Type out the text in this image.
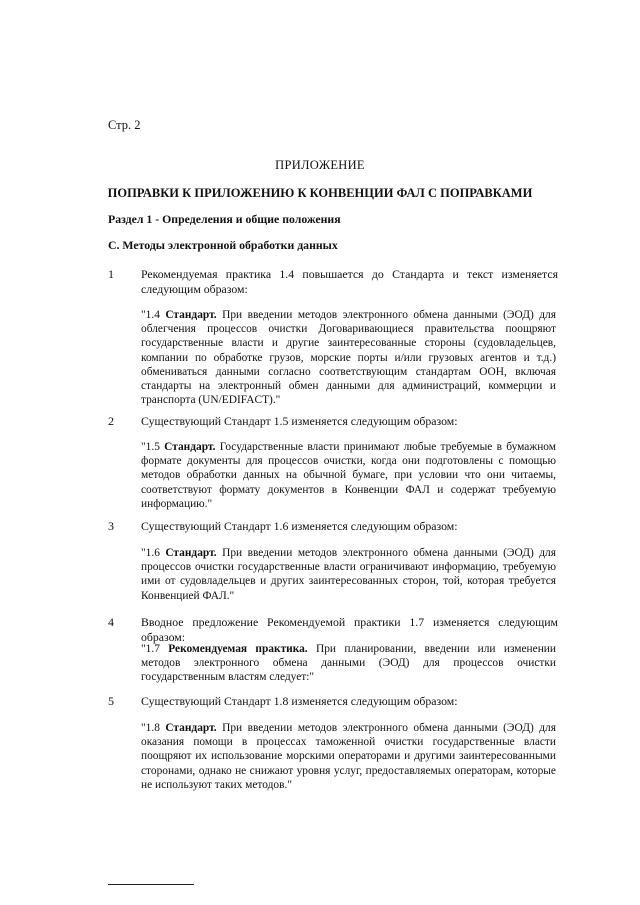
Стр. 2
ПРИЛОЖЕНИЕ
ПОПРАВКИ К ПРИЛОЖЕНИЮ К КОНВЕНЦИИ ФАЛ С ПОПРАВКАМИ
Раздел 1 - Определения и общие положения
С. Методы электронной обработки данных
1 Рекомендуемая практика 1.4 повышается до Стандарта и текст изменяется следующим образом:
"1.4 Стандарт. При введении методов электронного обмена данными (ЭОД) для облегчения процессов очистки Договаривающиеся правительства поощряют государственные власти и другие заинтересованные стороны (судовладельцев, компании по обработке грузов, морские порты и/или грузовых агентов и т.д.) обмениваться данными согласно соответствующим стандартам ООН, включая стандарты на электронный обмен данными для администраций, коммерции и транспорта (UN/EDIFACT)."
2 Существующий Стандарт 1.5 изменяется следующим образом:
"1.5 Стандарт. Государственные власти принимают любые требуемые в бумажном формате документы для процессов очистки, когда они подготовлены с помощью методов обработки данных на обычной бумаге, при условии что они читаемы, соответствуют формату документов в Конвенции ФАЛ и содержат требуемую информацию."
3 Существующий Стандарт 1.6 изменяется следующим образом:
"1.6 Стандарт. При введении методов электронного обмена данными (ЭОД) для процессов очистки государственные власти ограничивают информацию, требуемую ими от судовладельцев и других заинтересованных сторон, той, которая требуется Конвенцией ФАЛ."
4 Вводное предложение Рекомендуемой практики 1.7 изменяется следующим образом:
"1.7 Рекомендуемая практика. При планировании, введении или изменении методов электронного обмена данными (ЭОД) для процессов очистки государственным властям следует:"
5 Существующий Стандарт 1.8 изменяется следующим образом:
"1.8 Стандарт. При введении методов электронного обмена данными (ЭОД) для оказания помощи в процессах таможенной очистки государственные власти поощряют их использование морскими операторами и другими заинтересованными сторонами, однако не снижают уровня услуг, предоставляемых операторам, которые не используют таких методов."
